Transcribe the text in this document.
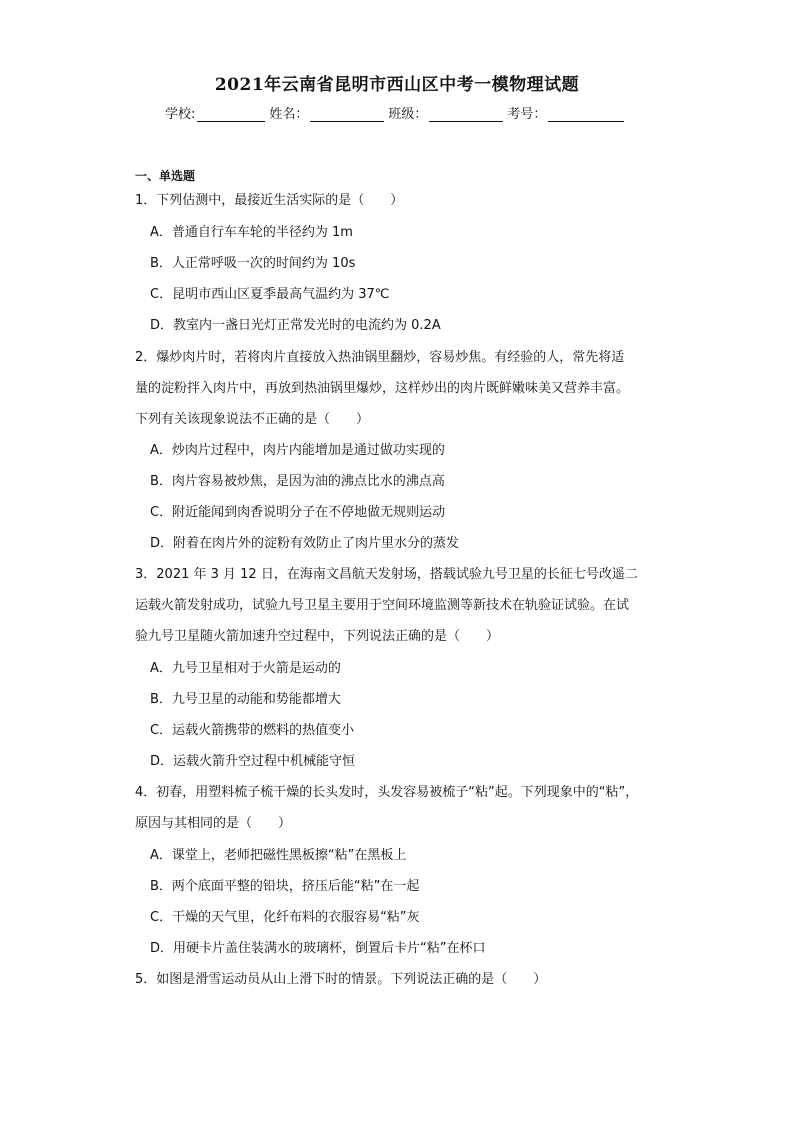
2021年云南省昆明市西山区中考一模物理试题
学校:	姓名：	班级：	考号：
一、单选题
1．下列估测中，最接近生活实际的是（　　）
A．普通自行车车轮的半径约为 1m
B．人正常呼吸一次的时间约为 10s
C．昆明市西山区夏季最高气温约为 37℃
D．教室内一盏日光灯正常发光时的电流约为 0.2A
2．爆炒肉片时，若将肉片直接放入热油锅里翻炒，容易炒焦。有经验的人，常先将适
量的淀粉拌入肉片中，再放到热油锅里爆炒，这样炒出的肉片既鲜嫩味美又营养丰富。
下列有关该现象说法不正确的是（　　）
A．炒肉片过程中，肉片内能增加是通过做功实现的
B．肉片容易被炒焦，是因为油的沸点比水的沸点高
C．附近能闻到肉香说明分子在不停地做无规则运动
D．附着在肉片外的淀粉有效防止了肉片里水分的蒸发
3．2021 年 3 月 12 日，在海南文昌航天发射场，搭载试验九号卫星的长征七号改遥二
运载火箭发射成功，试验九号卫星主要用于空间环境监测等新技术在轨验证试验。在试
验九号卫星随火箭加速升空过程中，下列说法正确的是（　　）
A．九号卫星相对于火箭是运动的
B．九号卫星的动能和势能都增大
C．运载火箭携带的燃料的热值变小
D．运载火箭升空过程中机械能守恒
4．初春，用塑料梳子梳干燥的长头发时，头发容易被梳子“粘”起。下列现象中的“粘”，
原因与其相同的是（　　）
A．课堂上，老师把磁性黑板擦“粘”在黑板上
B．两个底面平整的铅块，挤压后能“粘”在一起
C．干燥的天气里，化纤布料的衣服容易“粘”灰
D．用硬卡片盖住装满水的玻璃杯，倒置后卡片“粘”在杯口
5．如图是滑雪运动员从山上滑下时的情景。下列说法正确的是（　　）
